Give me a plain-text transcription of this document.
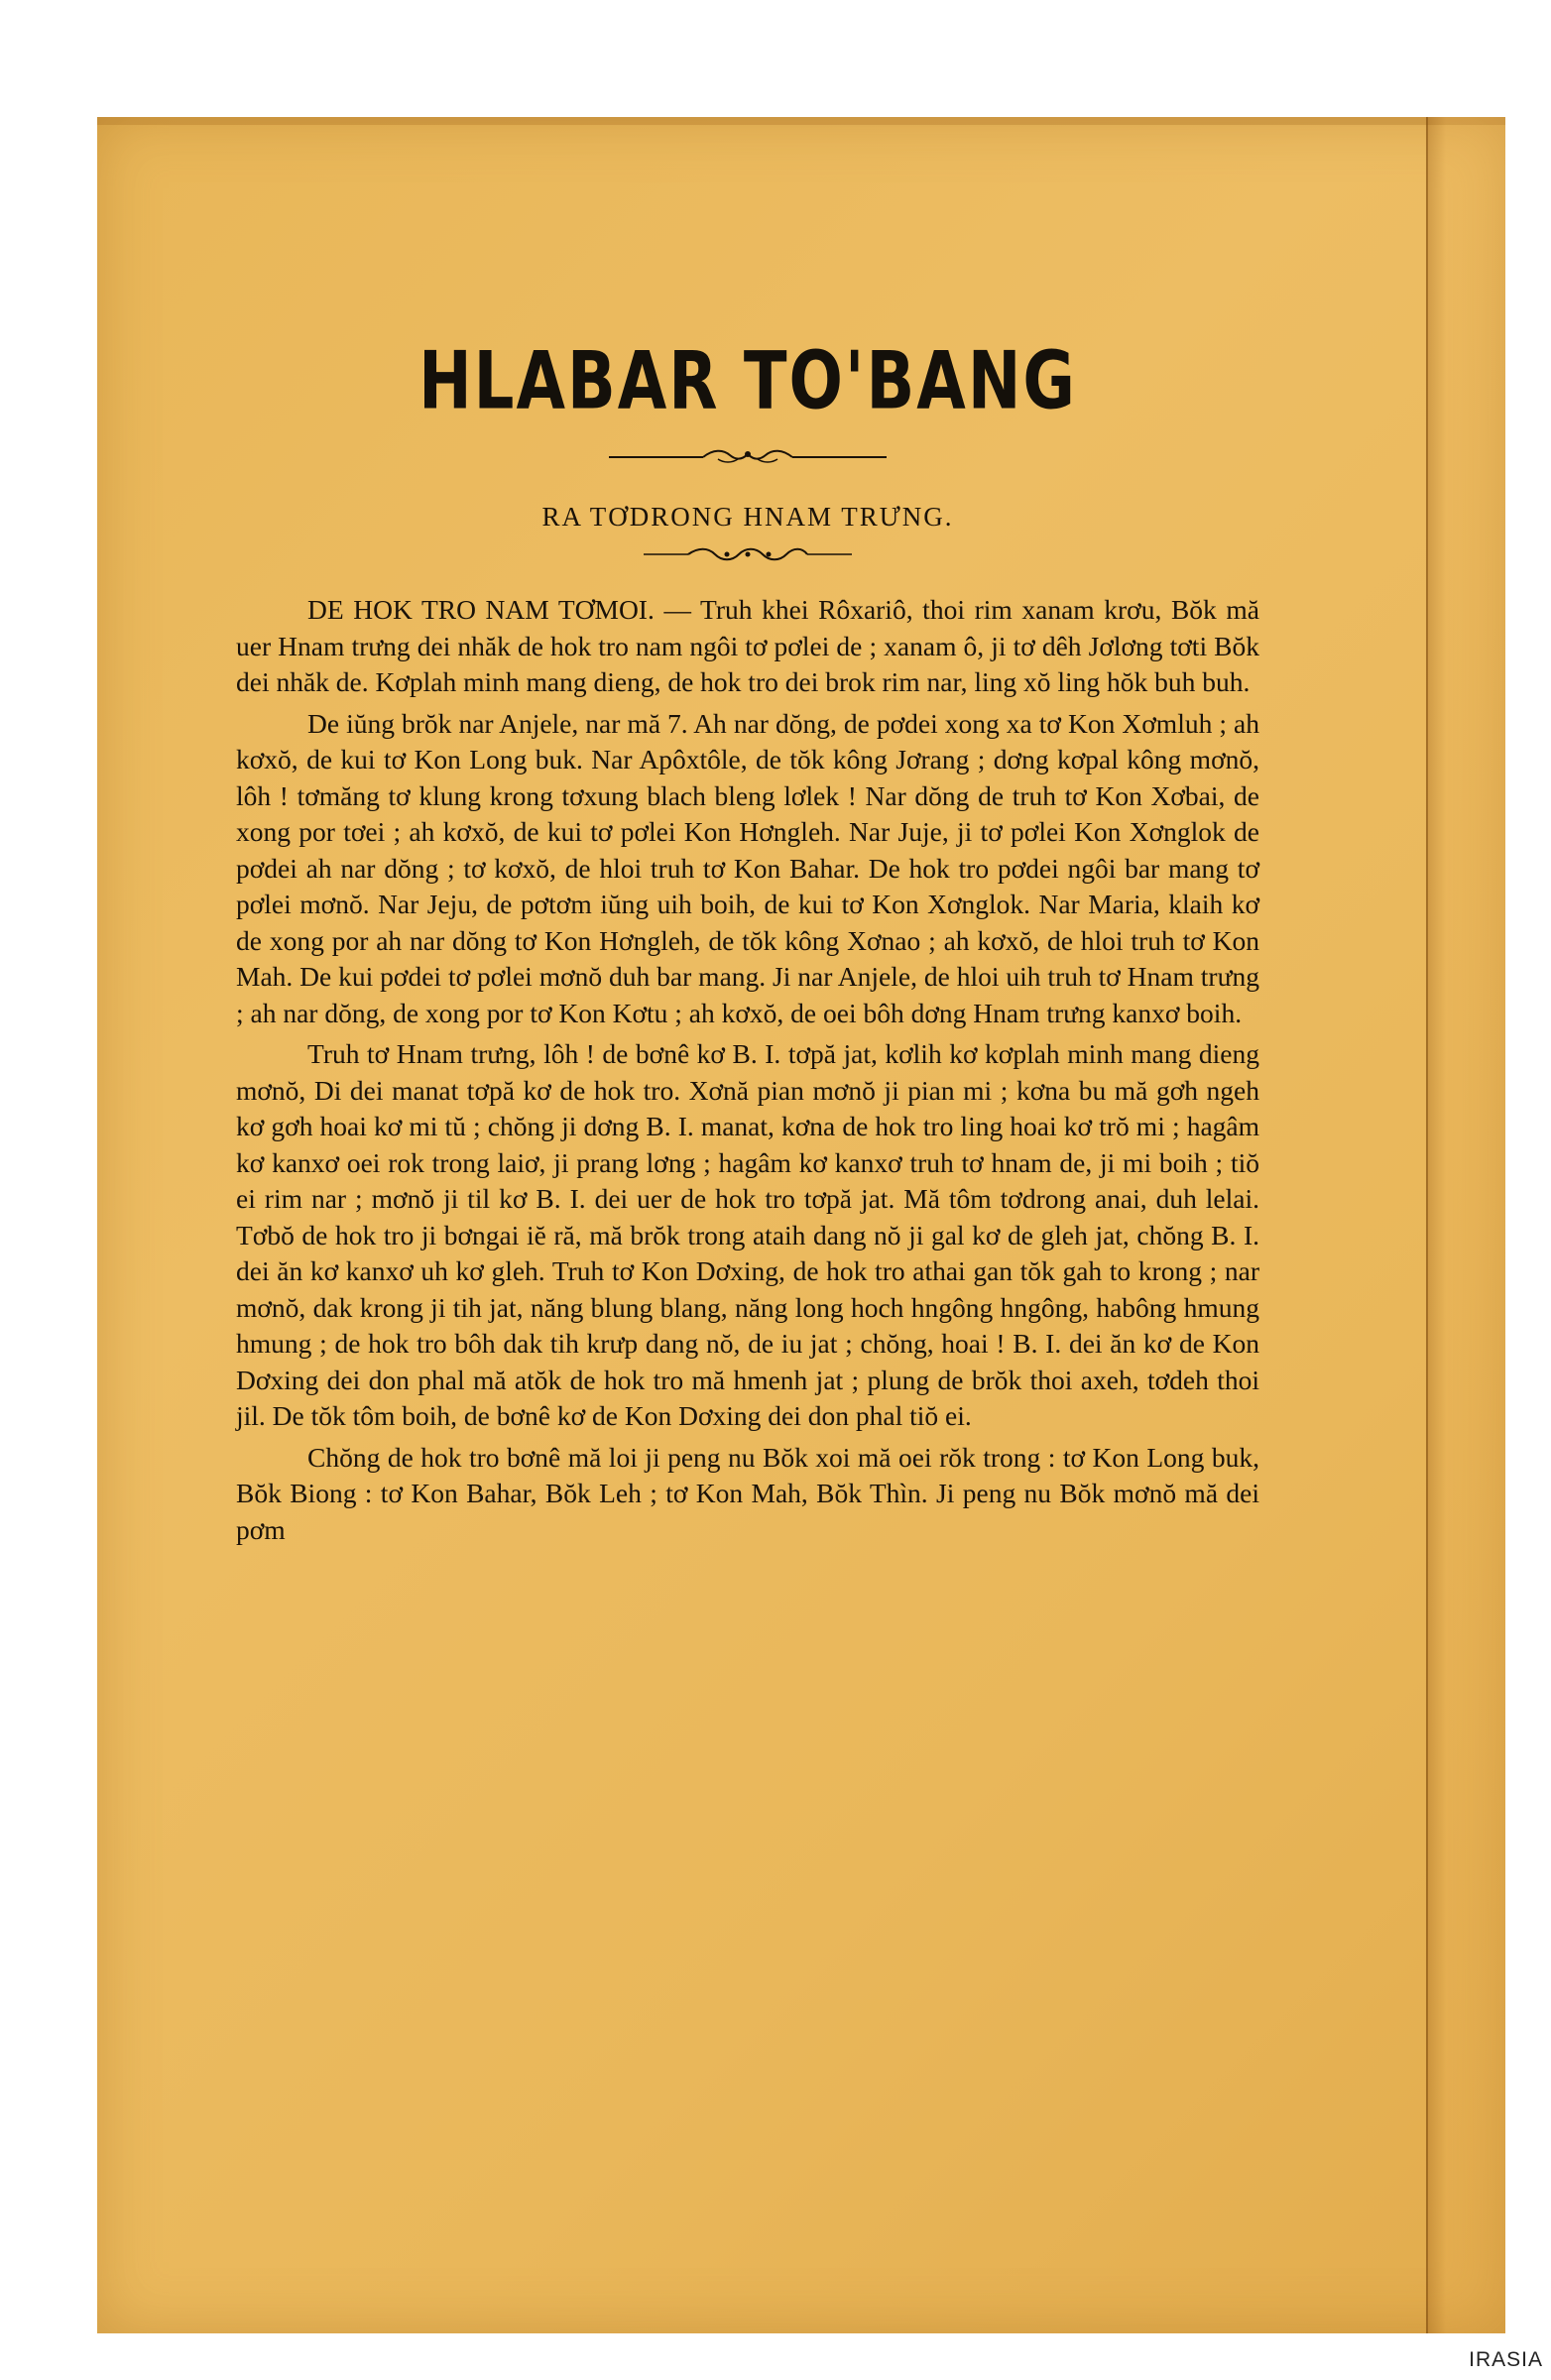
HLABAR TO'BANG
RA TƠDRONG HNAM TRƯNG.

DE HOK TRO NAM TƠMOI. — Truh khei Rôxariô, thoi rim xanam krơu, Bŏk mă uer Hnam trưng dei nhăk de hok tro nam ngôi tơ pơlei de ; xanam ô, ji tơ dêh Jơlơng tơti Bŏk dei nhăk de. Kơplah minh mang dieng, de hok tro dei brok rim nar, ling xŏ ling hŏk buh buh.

De iŭng brŏk nar Anjele, nar mă 7. Ah nar dŏng, de pơdei xong xa tơ Kon Xơmluh ; ah kơxŏ, de kui tơ Kon Long buk. Nar Apôxtôle, de tŏk kông Jơrang ; dơng kơpal kông mơnŏ, lôh ! tơmăng tơ klung krong tơxung blach bleng lơlek ! Nar dŏng de truh tơ Kon Xơbai, de xong por tơei ; ah kơxŏ, de kui tơ pơlei Kon Hơngleh. Nar Juje, ji tơ pơlei Kon Xơnglok de pơdei ah nar dŏng ; tơ kơxŏ, de hloi truh tơ Kon Bahar. De hok tro pơdei ngôi bar mang tơ pơlei mơnŏ. Nar Jeju, de pơtơm iŭng uih boih, de kui tơ Kon Xơnglok. Nar Maria, klaih kơ de xong por ah nar dŏng tơ Kon Hơngleh, de tŏk kông Xơnao ; ah kơxŏ, de hloi truh tơ Kon Mah. De kui pơdei tơ pơlei mơnŏ duh bar mang. Ji nar Anjele, de hloi uih truh tơ Hnam trưng ; ah nar dŏng, de xong por tơ Kon Kơtu ; ah kơxŏ, de oei bôh dơng Hnam trưng kanxơ boih.

Truh tơ Hnam trưng, lôh ! de bơnê kơ B. I. tơpă jat, kơlih kơ kơplah minh mang dieng mơnŏ, Di dei manat tơpă kơ de hok tro. Xơnă pian mơnŏ ji pian mi ; kơna bu mă gơh ngeh kơ gơh hoai kơ mi tŭ ; chŏng ji dơng B. I. manat, kơna de hok tro ling hoai kơ trŏ mi ; hagâm kơ kanxơ oei rok trong laiơ, ji prang lơng ; hagâm kơ kanxơ truh tơ hnam de, ji mi boih ; tiŏ ei rim nar ; mơnŏ ji til kơ B. I. dei uer de hok tro tơpă jat. Mă tôm tơdrong anai, duh lelai. Tơbŏ de hok tro ji bơngai iĕ ră, mă brŏk trong ataih dang nŏ ji gal kơ de gleh jat, chŏng B. I. dei ăn kơ kanxơ uh kơ gleh. Truh tơ Kon Dơxing, de hok tro athai gan tŏk gah to krong ; nar mơnŏ, dak krong ji tih jat, năng blung blang, năng long hoch hngông hngông, habông hmung hmung ; de hok tro bôh dak tih krưp dang nŏ, de iu jat ; chŏng, hoai ! B. I. dei ăn kơ de Kon Dơxing dei don phal mă atŏk de hok tro mă hmenh jat ; plung de brŏk thoi axeh, tơdeh thoi jil. De tŏk tôm boih, de bơnê kơ de Kon Dơxing dei don phal tiŏ ei.

Chŏng de hok tro bơnê mă loi ji peng nu Bŏk xoi mă oei rŏk trong : tơ Kon Long buk, Bŏk Biong : tơ Kon Bahar, Bŏk Leh ; tơ Kon Mah, Bŏk Thìn. Ji peng nu Bŏk mơnŏ mă dei pơm

IRASIA
